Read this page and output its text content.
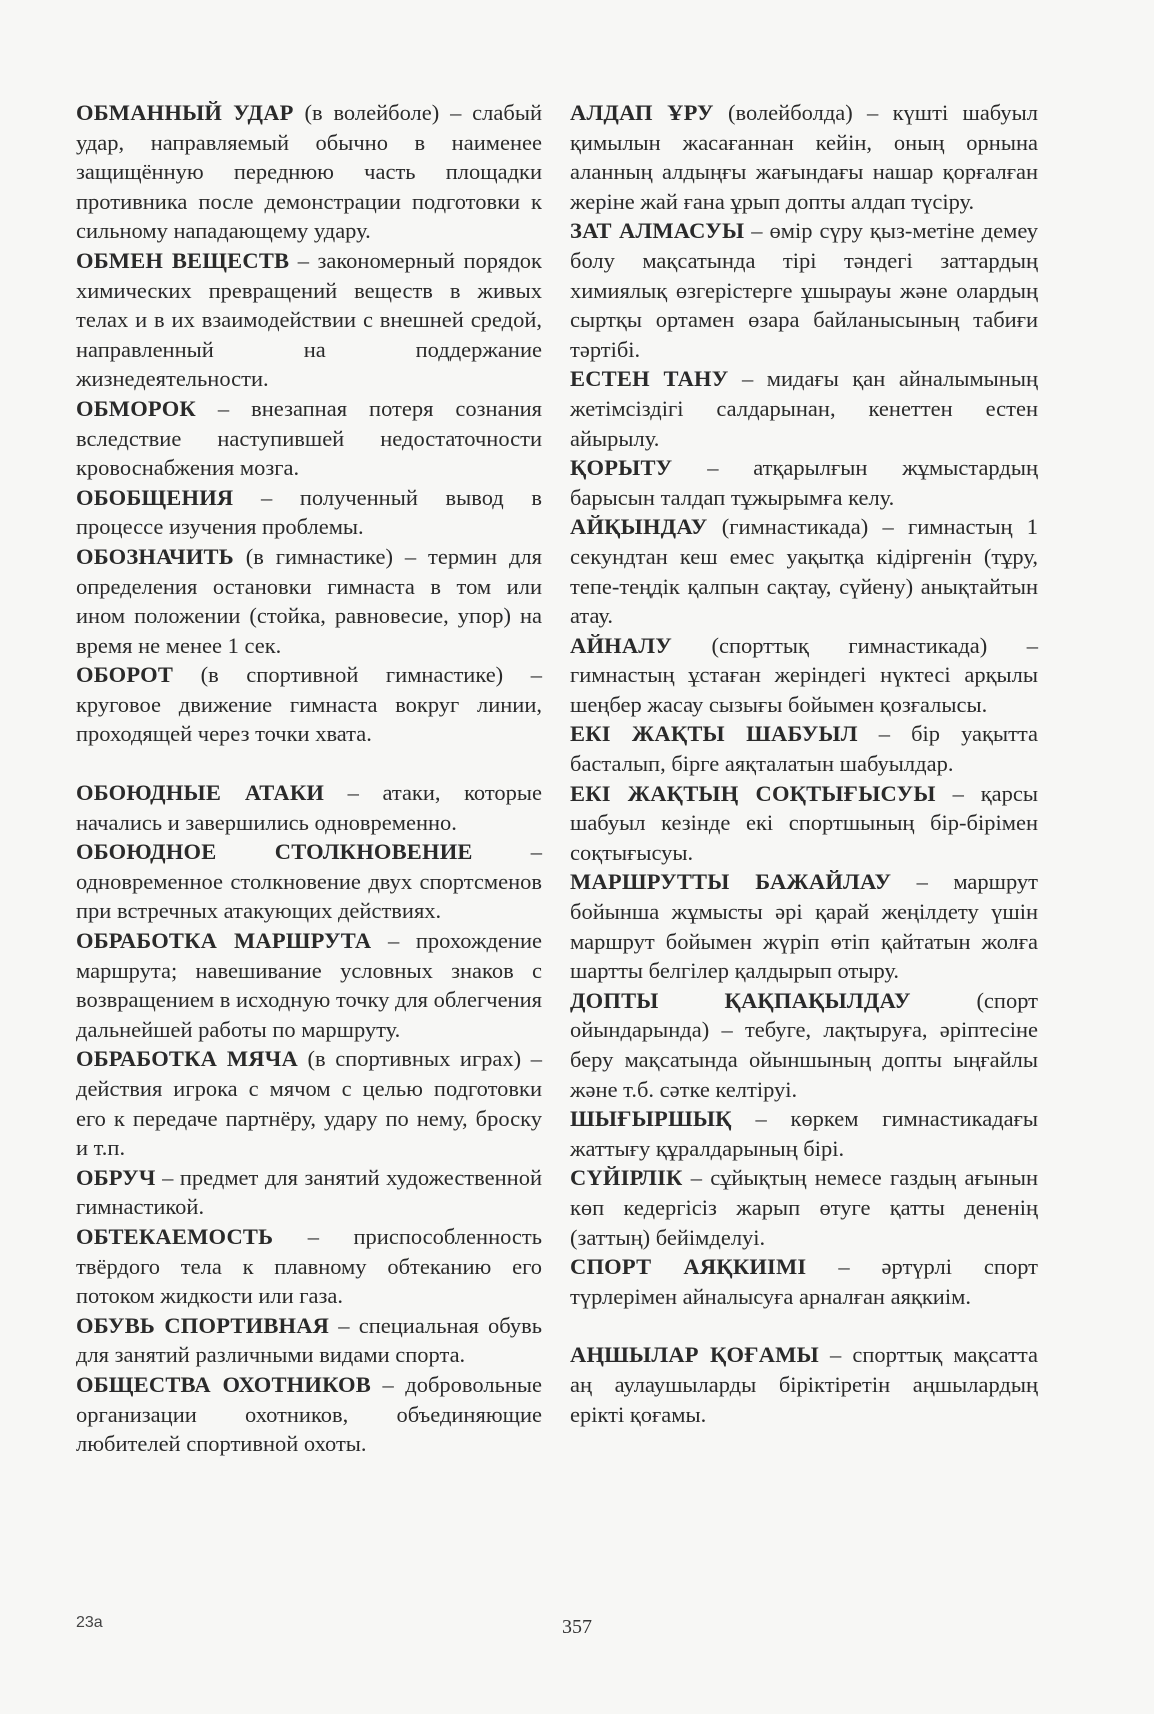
ОБМАННЫЙ УДАР (в волейболе) – слабый удар, направляемый обычно в наименее защищённую переднюю часть площадки противника после демонстрации подготовки к сильному нападающему удару.

ОБМЕН ВЕЩЕСТВ – закономерный порядок химических превращений веществ в живых телах и в их взаимодействии с внешней средой, направленный на поддержание жизнедеятельности.

ОБМОРОК – внезапная потеря сознания вследствие наступившей недостаточности кровоснабжения мозга.

ОБОБЩЕНИЯ – полученный вывод в процессе изучения проблемы.

ОБОЗНАЧИТЬ (в гимнастике) – термин для определения остановки гимнаста в том или ином положении (стойка, равновесие, упор) на время не менее 1 сек.

ОБОРОТ (в спортивной гимнастике) – круговое движение гимнаста вокруг линии, проходящей через точки хвата.

ОБОЮДНЫЕ АТАКИ – атаки, которые начались и завершились одновременно.

ОБОЮДНОЕ СТОЛКНОВЕНИЕ – одновременное столкновение двух спортсменов при встречных атакующих действиях.

ОБРАБОТКА МАРШРУТА – прохождение маршрута; навешивание условных знаков с возвращением в исходную точку для облегчения дальнейшей работы по маршруту.

ОБРАБОТКА МЯЧА (в спортивных играх) – действия игрока с мячом с целью подготовки его к передаче партнёру, удару по нему, броску и т.п.

ОБРУЧ – предмет для занятий художественной гимнастикой.

ОБТЕКАЕМОСТЬ – приспособленность твёрдого тела к плавному обтеканию его потоком жидкости или газа.

ОБУВЬ СПОРТИВНАЯ – специальная обувь для занятий различными видами спорта.

ОБЩЕСТВА ОХОТНИКОВ – добровольные организации охотников, объединяющие любителей спортивной охоты.

АЛДАП ҰРУ (волейболда) – күшті шабуыл қимылын жасағаннан кейін, оның орнына аланның алдыңғы жағындағы нашар қорғалған жеріне жай ғана ұрып допты алдап түсіру.

ЗАТ АЛМАСУЫ – өмір сүру қыз-метіне демеу болу мақсатында тірі тәндегі заттардың химиялық өзгерістерге ұшырауы және олардың сыртқы ортамен өзара байланысының табиғи тәртібі.

ЕСТЕН ТАНУ – мидағы қан айналымының жетімсіздігі салдарынан, кенеттен естен айырылу.

ҚОРЫТУ – атқарылғын жұмыстардың барысын талдап тұжырымға келу.

АЙҚЫНДАУ (гимнастикада) – гимнастың 1 секундтан кеш емес уақытқа кідіргенін (тұру, тепе-теңдік қалпын сақтау, сүйену) анықтайтын атау.

АЙНАЛУ (спорттық гимнастикада) – гимнастың ұстаған жеріндегі нүктесі арқылы шеңбер жасау сызығы бойымен қозғалысы.

ЕКІ ЖАҚТЫ ШАБУЫЛ – бір уақытта басталып, бірге аяқталатын шабуылдар.

ЕКІ ЖАҚТЫҢ СОҚТЫҒЫСУЫ – қарсы шабуыл кезінде екі спортшының бір-бірімен соқтығысуы.

МАРШРУТТЫ БАЖАЙЛАУ – маршрут бойынша жұмысты әрі қарай жеңілдету үшін маршрут бойымен жүріп өтіп қайтатын жолға шартты белгілер қалдырып отыру.

ДОПТЫ ҚАҚПАҚЫЛДАУ (спорт ойындарында) – тебуге, лақтыруға, әріптесіне беру мақсатында ойыншының допты ыңғайлы және т.б. сәтке келтіруі.

ШЫҒЫРШЫҚ – көркем гимнастикадағы жаттығу құралдарының бірі.

СҮЙІРЛІК – сұйықтың немесе газдың ағынын көп кедергісіз жарып өтуге қатты дененің (заттың) бейімделуі.

СПОРТ АЯҚКИІМІ – әртүрлі спорт түрлерімен айналысуға арналған аяқкиім.

АҢШЫЛАР ҚОҒАМЫ – спорттық мақсатта аң аулаушыларды біріктіретін аңшылардың ерікті қоғамы.

23a	357
